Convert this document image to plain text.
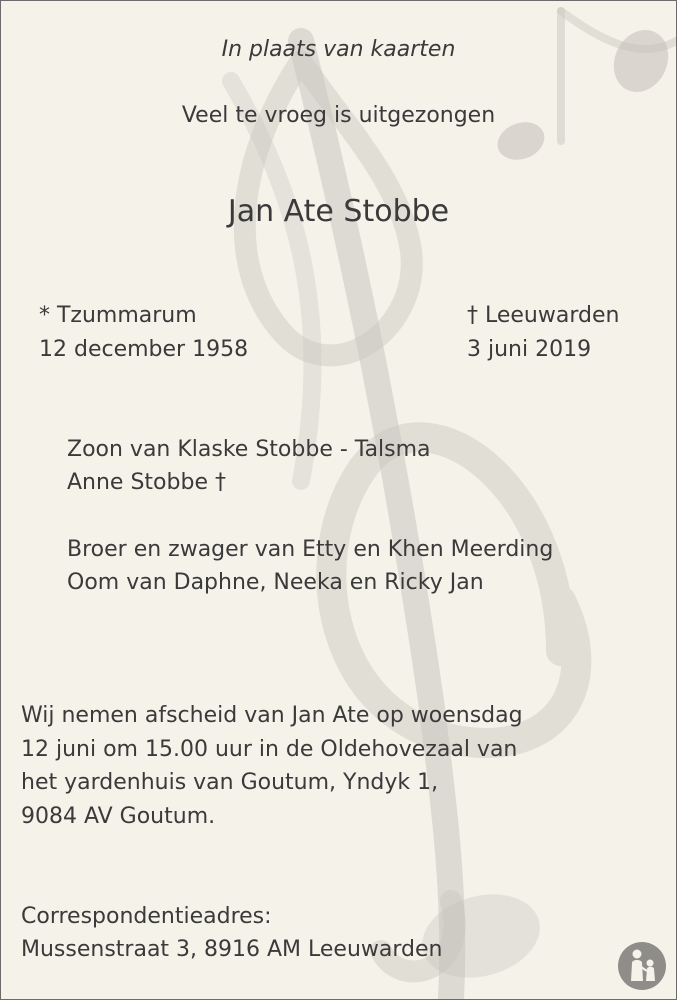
In plaats van kaarten

Veel te vroeg is uitgezongen

Jan Ate Stobbe

* Tzummarum

12 december 1958

† Leeuwarden

3 juni 2019

Zoon van Klaske Stobbe - Talsma

Anne Stobbe †

Broer en zwager van Etty en Khen Meerding

Oom van Daphne, Neeka en Ricky Jan

Wij nemen afscheid van Jan Ate op woensdag

12 juni om 15.00 uur in de Oldehovezaal van

het yardenhuis van Goutum, Yndyk 1,

9084 AV Goutum.

Correspondentieadres:

Mussenstraat 3, 8916 AM Leeuwarden
